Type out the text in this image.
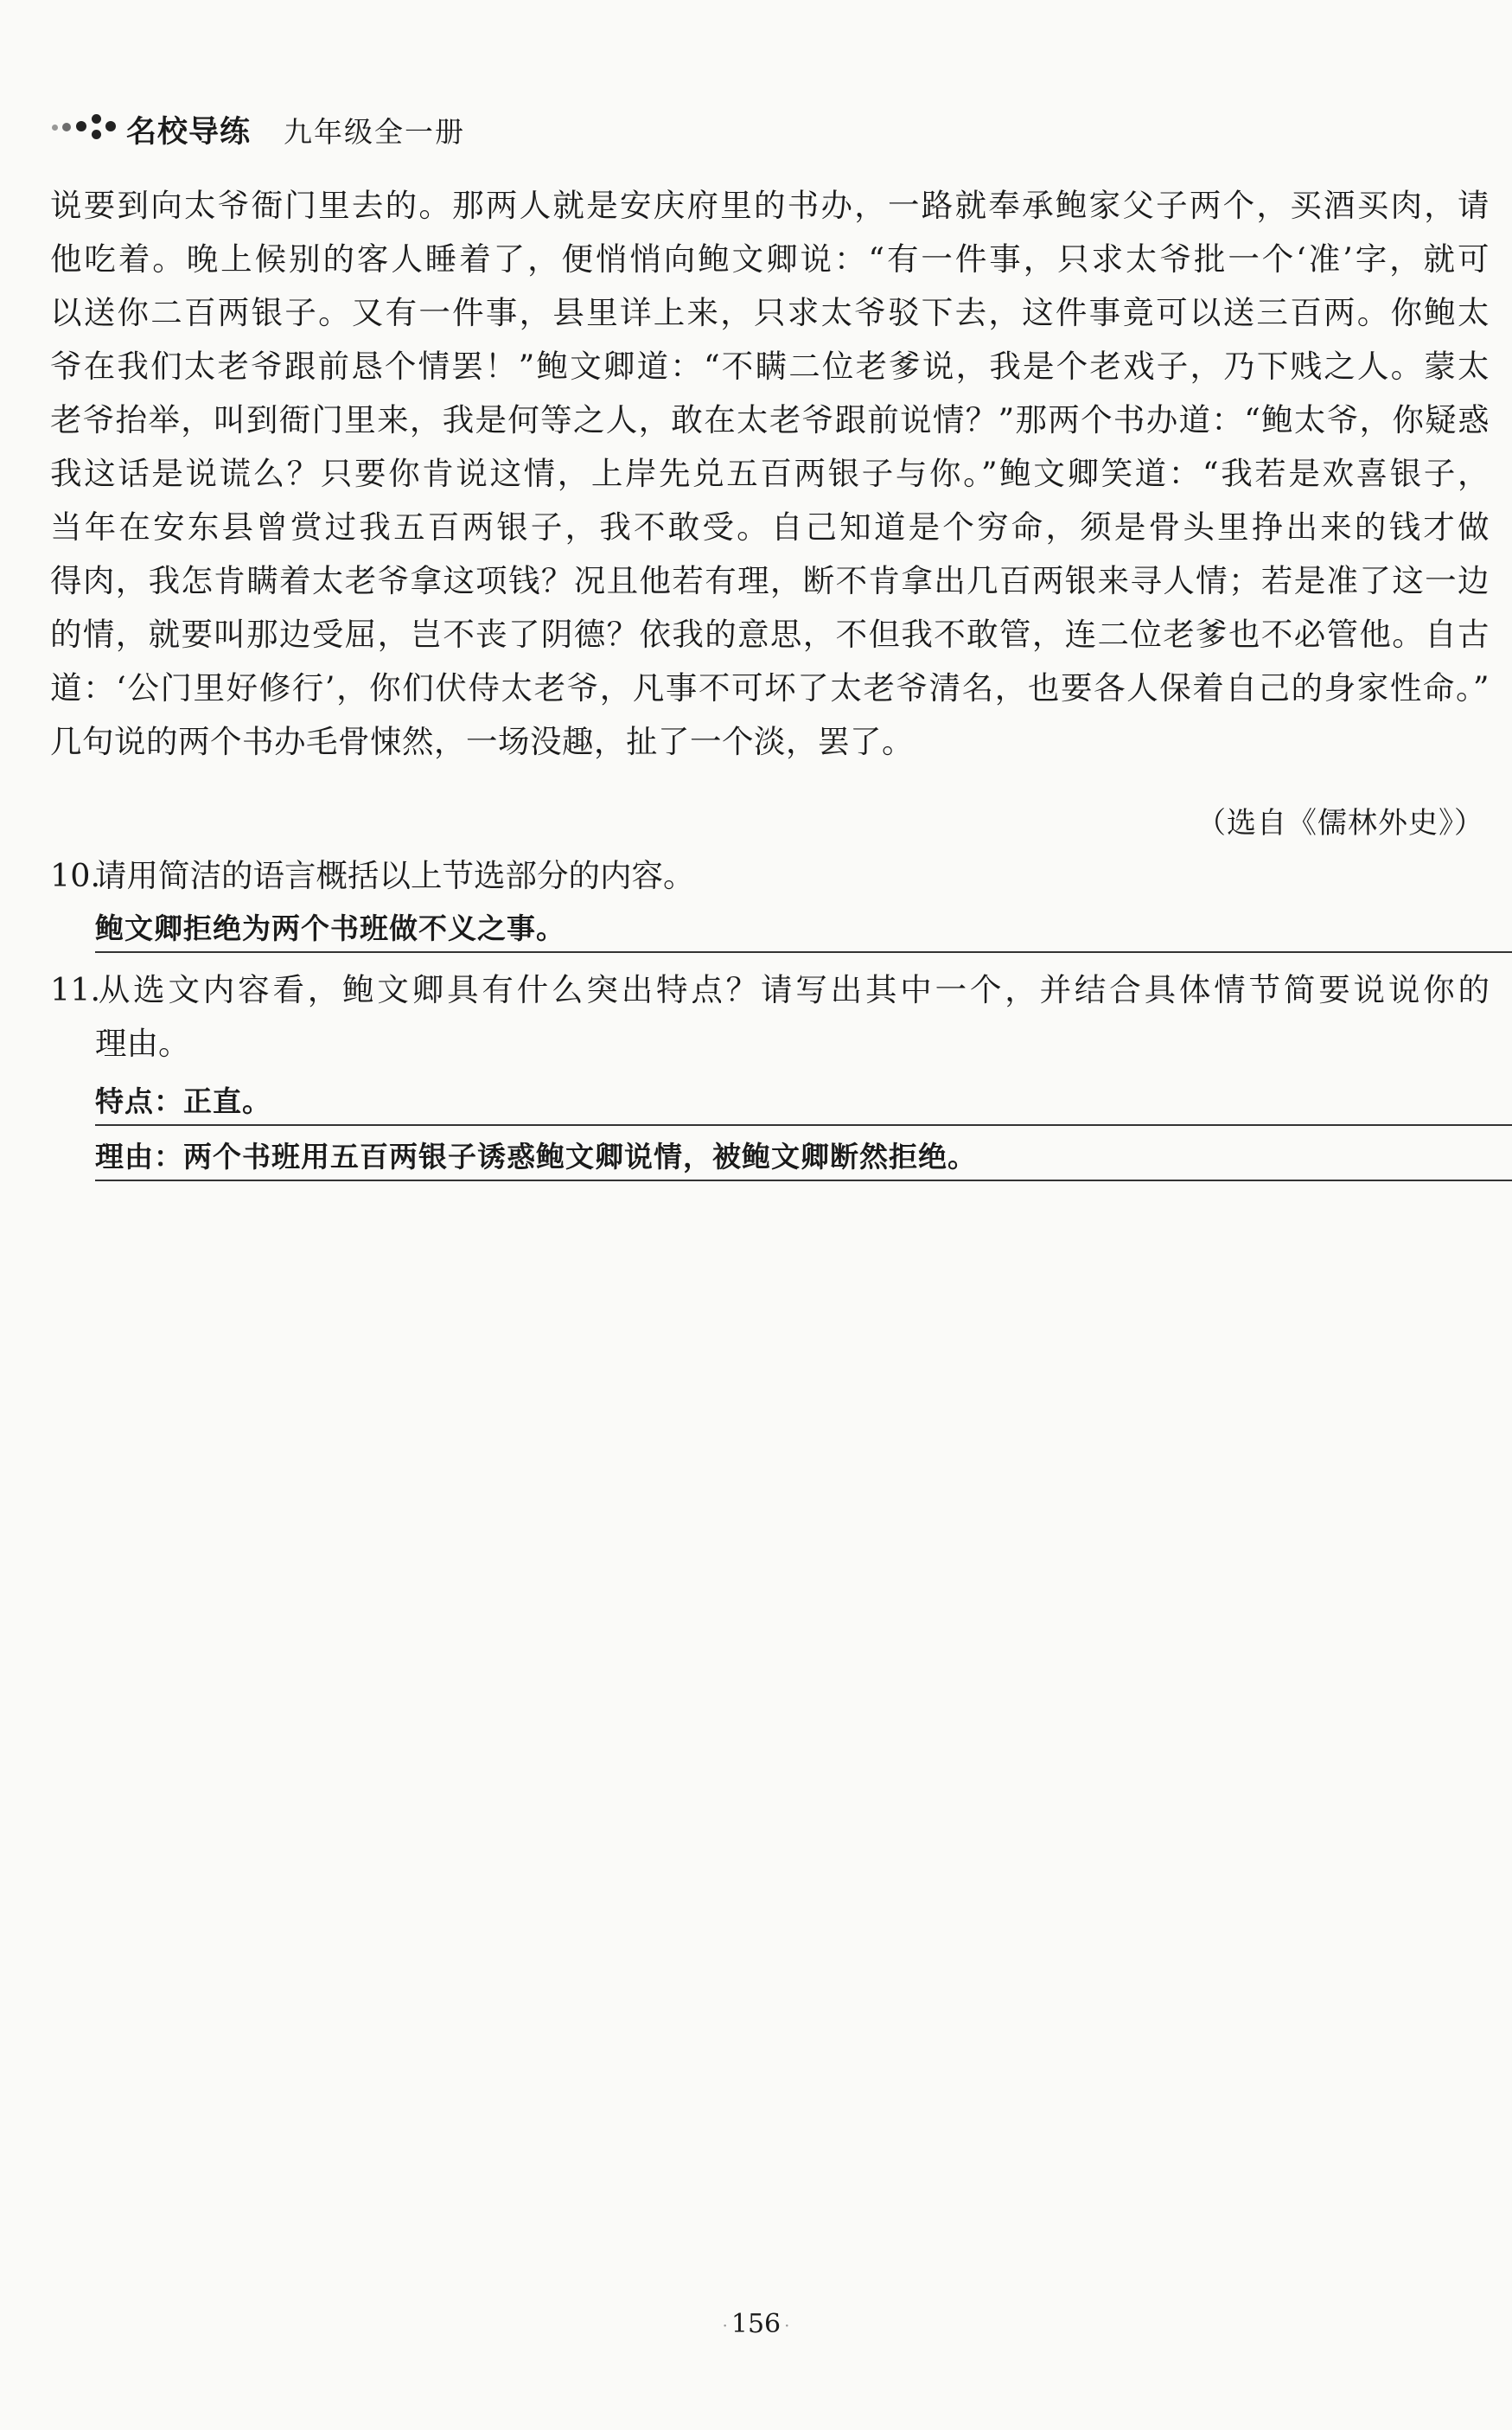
名校导练 九年级全一册

说要到向太爷衙门里去的。那两人就是安庆府里的书办，一路就奉承鲍家父子两个，买酒买肉，请

他吃着。晚上候别的客人睡着了，便悄悄向鲍文卿说：“有一件事，只求太爷批一个‘准’字，就可

以送你二百两银子。又有一件事，县里详上来，只求太爷驳下去，这件事竟可以送三百两。你鲍太

爷在我们太老爷跟前恳个情罢！”鲍文卿道：“不瞒二位老爹说，我是个老戏子，乃下贱之人。蒙太

老爷抬举，叫到衙门里来，我是何等之人，敢在太老爷跟前说情？”那两个书办道：“鲍太爷，你疑惑

我这话是说谎么？只要你肯说这情，上岸先兑五百两银子与你。”鲍文卿笑道：“我若是欢喜银子，

当年在安东县曾赏过我五百两银子，我不敢受。自己知道是个穷命，须是骨头里挣出来的钱才做

得肉，我怎肯瞒着太老爷拿这项钱？况且他若有理，断不肯拿出几百两银来寻人情；若是准了这一边

的情，就要叫那边受屈，岂不丧了阴德？依我的意思，不但我不敢管，连二位老爹也不必管他。自古

道：‘公门里好修行’，你们伏侍太老爷，凡事不可坏了太老爷清名，也要各人保着自己的身家性命。”

几句说的两个书办毛骨悚然，一场没趣，扯了一个淡，罢了。

（选自《儒林外史》）

10.请用简洁的语言概括以上节选部分的内容。

鲍文卿拒绝为两个书班做不义之事。

11.从选文内容看，鲍文卿具有什么突出特点？请写出其中一个，并结合具体情节简要说说你的

理由。

特点：正直。
理由：两个书班用五百两银子诱惑鲍文卿说情，被鲍文卿断然拒绝。
· 156 ·
